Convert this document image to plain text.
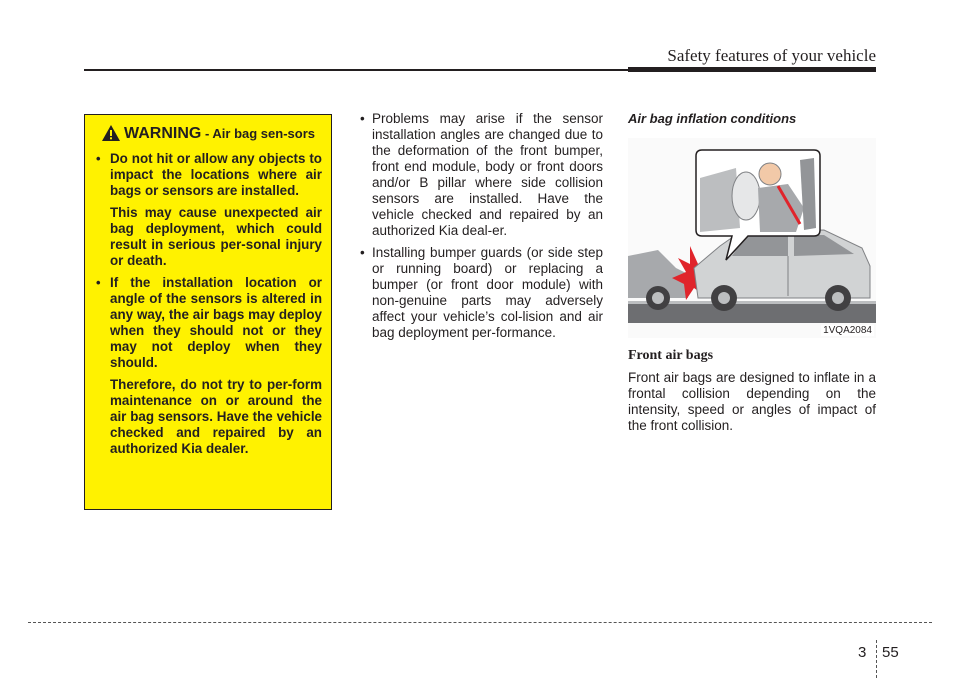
Safety features of your vehicle
WARNING - Air bag sen-sors

• Do not hit or allow any objects to impact the locations where air bags or sensors are installed.

This may cause unexpected air bag deployment, which could result in serious per-sonal injury or death.

• If the installation location or angle of the sensors is altered in any way, the air bags may deploy when they should not or they may not deploy when they should.

Therefore, do not try to per-form maintenance on or around the air bag sensors. Have the vehicle checked and repaired by an authorized Kia dealer.

• Problems may arise if the sensor installation angles are changed due to the deformation of the front bumper, front end module, body or front doors and/or B pillar where side collision sensors are installed. Have the vehicle checked and repaired by an authorized Kia deal-er.
• Installing bumper guards (or side step or running board) or replacing a bumper (or front door module) with non-genuine parts may adversely affect your vehicle’s col-lision and air bag deployment per-formance.
Air bag inflation conditions
1VQA2084
Front air bags

Front air bags are designed to inflate in a frontal collision depending on the intensity, speed or angles of impact of the front collision.

3 55
